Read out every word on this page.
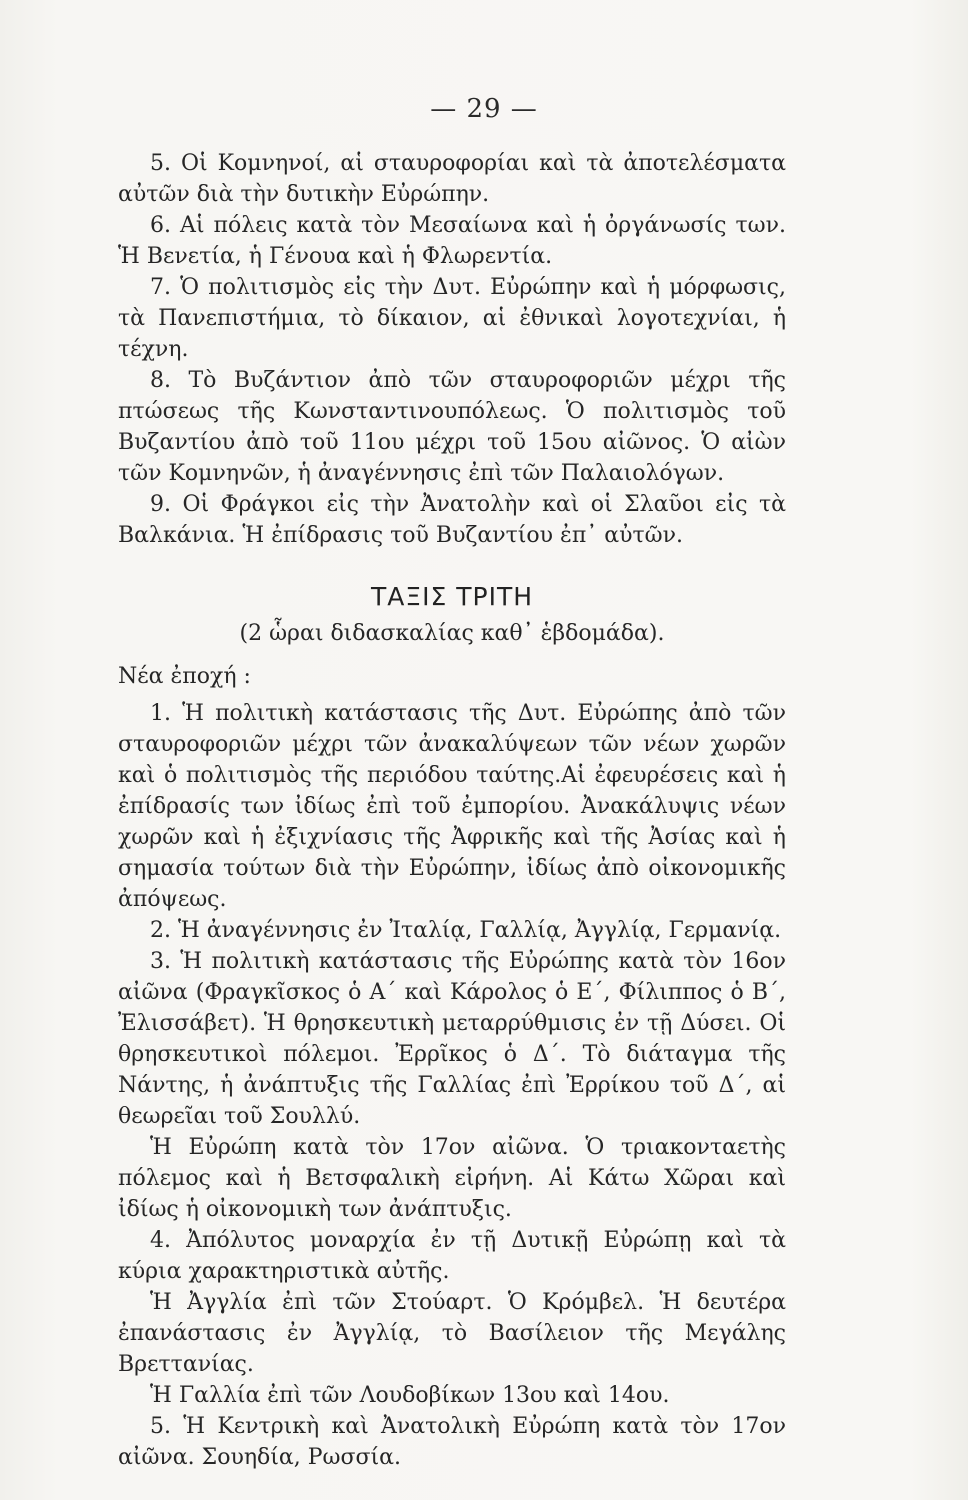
— 29 —

5. Οἱ Κομνηνοί, αἱ σταυροφορίαι καὶ τὰ ἀποτελέσματα αὐτῶν διὰ τὴν δυτικὴν Εὐρώπην.

6. Αἱ πόλεις κατὰ τὸν Μεσαίωνα καὶ ἡ ὀργάνωσίς των. Ἡ Βενετία, ἡ Γένουα καὶ ἡ Φλωρεντία.

7. Ὁ πολιτισμὸς εἰς τὴν Δυτ. Εὐρώπην καὶ ἡ μόρφωσις, τὰ Πανεπιστήμια, τὸ δίκαιον, αἱ ἐθνικαὶ λογοτεχνίαι, ἡ τέχνη.

8. Τὸ Βυζάντιον ἀπὸ τῶν σταυροφοριῶν μέχρι τῆς πτώσεως τῆς Κωνσταντινουπόλεως. Ὁ πολιτισμὸς τοῦ Βυζαντίου ἀπὸ τοῦ 11ου μέχρι τοῦ 15ου αἰῶνος. Ὁ αἰὼν τῶν Κομνηνῶν, ἡ ἀναγέννησις ἐπὶ τῶν Παλαιολόγων.

9. Οἱ Φράγκοι εἰς τὴν Ἀνατολὴν καὶ οἱ Σλαῦοι εἰς τὰ Βαλκάνια. Ἡ ἐπίδρασις τοῦ Βυζαντίου ἐπ᾽ αὐτῶν.

ΤΑΞΙΣ ΤΡΙΤΗ
(2 ὧραι διδασκαλίας καθ᾽ ἑβδομάδα).

Νέα ἐποχή :

1. Ἡ πολιτικὴ κατάστασις τῆς Δυτ. Εὐρώπης ἀπὸ τῶν σταυροφοριῶν μέχρι τῶν ἀνακαλύψεων τῶν νέων χωρῶν καὶ ὁ πολιτισμὸς τῆς περιόδου ταύτης.Αἱ ἐφευρέσεις καὶ ἡ ἐπίδρασίς των ἰδίως ἐπὶ τοῦ ἐμπορίου. Ἀνακάλυψις νέων χωρῶν καὶ ἡ ἐξιχνίασις τῆς Ἀφρικῆς καὶ τῆς Ἀσίας καὶ ἡ σημασία τούτων διὰ τὴν Εὐρώπην, ἰδίως ἀπὸ οἰκονομικῆς ἀπόψεως.

2. Ἡ ἀναγέννησις ἐν Ἰταλίᾳ, Γαλλίᾳ, Ἀγγλίᾳ, Γερμανίᾳ.

3. Ἡ πολιτικὴ κατάστασις τῆς Εὐρώπης κατὰ τὸν 16ον αἰῶνα (Φραγκῖσκος ὁ Α΄ καὶ Κάρολος ὁ Ε΄, Φίλιππος ὁ Β΄, Ἐλισσάβετ). Ἡ θρησκευτικὴ μεταρρύθμισις ἐν τῇ Δύσει. Οἱ θρησκευτικοὶ πόλεμοι. Ἐρρῖκος ὁ Δ΄. Τὸ διάταγμα τῆς Νάντης, ἡ ἀνάπτυξις τῆς Γαλλίας ἐπὶ Ἐρρίκου τοῦ Δ΄, αἱ θεωρεῖαι τοῦ Σουλλύ.

Ἡ Εὐρώπη κατὰ τὸν 17ον αἰῶνα. Ὁ τριακονταετὴς πόλεμος καὶ ἡ Βετσφαλικὴ εἰρήνη. Αἱ Κάτω Χῶραι καὶ ἰδίως ἡ οἰκονομικὴ των ἀνάπτυξις.

4. Ἀπόλυτος μοναρχία ἐν τῇ Δυτικῇ Εὐρώπῃ καὶ τὰ κύρια χαρακτηριστικὰ αὐτῆς.

Ἡ Ἀγγλία ἐπὶ τῶν Στούαρτ. Ὁ Κρόμβελ. Ἡ δευτέρα ἐπανάστασις ἐν Ἀγγλίᾳ, τὸ Βασίλειον τῆς Μεγάλης Βρεττανίας.

Ἡ Γαλλία ἐπὶ τῶν Λουδοβίκων 13ου καὶ 14ου.

5. Ἡ Κεντρικὴ καὶ Ἀνατολικὴ Εὐρώπη κατὰ τὸν 17ον αἰῶνα. Σουηδία, Ρωσσία.
